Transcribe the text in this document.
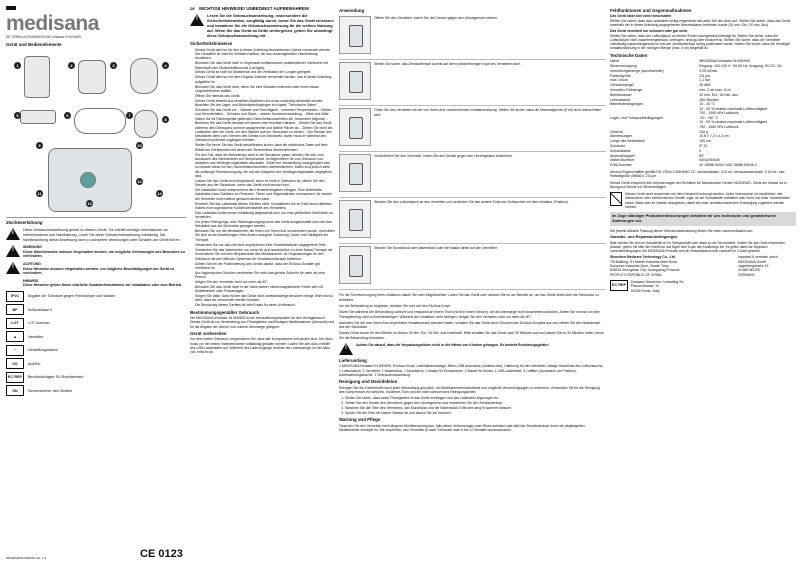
medisana
DE GEBRAUCHSANWEISUNG Inhalator IN 600/605
Gerät und Bedienelemente
1	2	3	4
5	6	7
8
9	10
11
12
13
14
Zeichenerklärung
i	Diese Gebrauchsanweisung gehört zu diesem Gerät. Sie enthält wichtige Informationen zur Inbetriebnahme und Handhabung. Lesen Sie diese Gebrauchsanweisung vollständig. Die Nichtbeachtung dieser Anweisung kann zu schweren Verletzungen oder Schäden am Gerät führen.
!	WARNUNG
Diese Warnhinweise müssen eingehalten werden, um mögliche Verletzungen des Benutzers zu verhindern.
!	ACHTUNG
Diese Hinweise müssen eingehalten werden, um mögliche Beschädigungen am Gerät zu verhindern.
HINWEIS
Diese Hinweise geben Ihnen nützliche Zusatzinformationen zur Installation oder zum Betrieb.
IP21	Angabe der Schutzart gegen Fremdkörper und Wasser
BF	Schutzklasse II
LOT	LOT-Nummer
▲	Hersteller
~	Herstellungsdatum
I/O	Aus/Ein
EC REP	Bevollmächtigter EU-Repräsentant
SN	Seriennummer des Gerätes
CE 0123
54042/54046 09/2019 Ver. 1.3
DE WICHTIGE HINWEISE! UNBEDINGT AUFBEWAHREN!
!
Lesen Sie die Gebrauchsanweisung, insbesondere die Sicherheitshinweise, sorgfältig durch, bevor Sie das Gerät einsetzen und bewahren Sie die Gebrauchsanweisung für die weitere Nutzung auf. Wenn Sie das Gerät an Dritte weitergeben, geben Sie unbedingt diese Gebrauchsanweisung mit.
Sicherheitshinweise
• Dieses Gerät darf nur für den in dieser Anleitung beschriebenen Zweck verwendet werden. Der Hersteller ist nicht für Schäden haftbar, die aus unsachgemäßer Handhabung resultieren.
• Benutzen Sie das Gerät nicht in Gegenwart entflammbarer anästhetischer Gemische mit Sauerstoff oder Distickstoffmonoxid (Lachgas).
• Dieses Gerät ist nicht für Anästhesie und die Ventilation der Lungen geeignet.
• Dieses Gerät darf nur mit dem Original-Zubehör verwendet werden, das in dieser Anleitung aufgeführt ist.
• Benutzen Sie das Gerät nicht, wenn Sie eine Schaden erkennen oder Ihnen etwas Ungewöhnliches auffällt.
• Öffnen Sie niemals das Gerät.
• Dieses Gerät besteht aus sensiblen Bauteilen und muss vorsichtig behandelt werden. Beachten Sie die Lager- und Betriebsbedingungen im Kapitel "Technische Daten".
• Schützen Sie das Gerät vor: - Wasser und Feuchtigkeit, - extremen Temperaturen - Stößen und Herunterfallen, - Schmutz und Staub, - starker Sonneneinstrahlung, - Hitze und Kälte
• Halten Sie für Elektrogeräte geltenden Sicherheitsvorschriften ein, besonders folgende: - Berühren Sie das Gerät niemals mit nassen oder feuchten Händen. - Setzen Sie das Gerät während des Gebrauchs auf eine waagerechte und stabile Fläche ab. - Ziehen Sie nicht am Ladekabel oder am Gerät, um den Stecker aus der Steckdose zu ziehen. - Der Stecker des Netzkabels dient zum Trennen des Geräts vom Stromnetz, daher muss er während des Gebrauchs jederzeit zugänglich bleiben.
• Stellen Sie bevor Sie das Gerät anschliessen sicher, dass die elektrische Daten auf dem Etikett am Gerätekoben mit denen der Stromnetzes übereinstimmen.
• Für den Fall, dass der Netzstecker nicht in die Steckdose passt, wenden Sie sich zum Austausch des Netzsteckers an Fachpersonal. Im Allgemeinen ist vom Gebrauch von Adaptern und Verlängerungskabeln abzuraten. Sollte ihre Verwendung unumgänglich sein, so müssen diese mit den Sicherheitsvorschriften übereinstimmen. Dabei sind jedoch stets die zulässige Stromversorgung, die auf den Adaptern und Verlängerungskabeln angegeben sind.
• Lassen Sie das Gerät nicht eingesteckt, wenn es nicht in Gebrauch ist; ziehen Sie den Stecker aus der Steckdose, wenn das Gerät nicht benutzt wird.
• Die Installation muss entsprechend den Herstellerangaben erfolgen. Eine fehlerhafte Installation kann Schäden an Personen, Tieren und Gegenständen verursachen, für welche der Hersteller nicht haftbar gemacht werden kann.
• Ersetzen Sie das Ladekabel dieses Gerätes nicht. Kontaktieren Sie im Falle eines defekten Kabels eine zugelassene Kundendienststelle des Herstellers.
• Das Ladekabel sollte immer vollständig abgewickelt sein, um eine gefährliche Überhitzen zu vermeiden.
• Vor jedem Reinigungs- oder Wartungsvorgang muss das Gerät ausgeschaltet sein und das Netzkabel aus der Steckdose gezogen werden.
• Benutzen Sie nur die Medikamente, die Ihnen von Ihrem Arzt verschrieben wurde, und halten Sie sich an die Anweisungen Ihres Arztes bezüglich Dosierung, Dauer und Häufigkeit der Therapie.
• Verwenden Sie nur das vom Arzt empfohlenen Ihrer Krankheitsbilder angegebene Teile.
• Verwenden Sie das Nasenstück nur, wenn Ihr Arzt ausdrücklich zu einer Nasal-Therapie rät.
• Kontrollieren Sie auf dem Beipackzettel des Medikaments, ob Gegenanzeigen für den Gebrauch mit den üblichen Systemen für Inhalationstherapie bestehen.
• Achten Sie bei der Positionierung des Geräts darauf, dass der Ein/Aus-Schalter gut erreichbar ist.
• Aus hygienischen Gründen verwenden Sie nicht das gleiche Zubehör für mehr als eine Person.
• Neigen Sie den Vernebler nicht um mehr als 60°.
• Benutzen Sie das Gerät nicht in der Nähe starker elektromagnetischer Felder wie z.B. Mobiltelefone oder Funkanlagen.
• Sorgen Sie dafür, dass Kinder das Gerät nicht unbeaufsichtigt benutzen; einige Teile sind so klein, dass sie verschluckt werden könnten.
• Die Benutzung dieses Gerätes ist kein Ersatz für einen Arztbesuch.
Bestimmungsgemäßer Gebrauch
Die MEDISANA Inhalator IN 600/605 ist ein Aerosoltherapiesystem für den Heimgebrauch. Dieses Gerät ist zur Vernebelung von Flüssigkeiten und flüssigen Medikamenten (Aerosole) und für die Abgabe der oberen und unteren Atemwege geeignet.
Gerät vorbereiten
Vor dem ersten Gebrauch vergewissern Sie, dass alle Komponenten vorhanden sind. Der Akku muss vor der ersten Inbetriebnahme vollständig geladen werden. Laden Sie den Akku mithilfe des USB-Ladekabels auf. Während des Ladevorgangs leuchtet die Ladeanzeige; ist der Akku voll, erlischt sie.
Anwendung
Öffnen Sie den Vernebler, indem Sie den Deckel gegen den Uhrzeigersinn drehen.
Stellen Sie sicher, das Zerstäuberkopf korrekt auf dem zylinderförmigen Kopf des Verneblers sitzt.
Füllen Sie den Vernebler mit der von Ihrem Arzt verschriebenen Inhalationslösung. Stellen Sie sicher, dass die Maximalgrenze (8 ml) nicht überschritten wird.
Verschließen Sie den Vernebler, indem Sie den Deckel gegen den Uhrzeigersinn festdrehen.
Stecken Sie den Luftschlauch an den Vernebler und verbinden Sie das andere Ende des Schlauches mit dem Inhalator (Position).
Stecken Sie Mundstück oder Nasenstück oder die Maske direkt auf den Vernebler.
Für die Stromversorgung Ihres Inhalators haben Sie zwei Möglichkeiten: Laden Sie das Gerät oder stecken Sie es am Netzteil an, um das Gerät direkt über die Steckdose zu betreiben.
Um die Behandlung zu beginnen, drücken Sie kurz auf den Ein/Aus-Knopf.
Sitzen Sie während der Behandlung aufrecht und entspannt an einem Tisch (nicht in einem Sessel), um die Atemwege nicht zusammenzudrücken. Atmen Sie normal, um den Therapieerfolg nicht zu beeinträchtigen. Während der Inhalation nicht hinlegen. Neigen Sie den Vernebler nicht um mehr als 60°.
Nachdem Sie die vom Ihrem Arzt empfohlene Inhalationszeit beendet haben, schalten Sie das Gerät durch Drücken des Ein/Aus-Knopfes aus und ziehen Sie den Netzstecker aus der Steckdose.
Dieses Gerät wurde für den Betrieb im Modus 30 Min. Ein / 30 Min. Aus entwickelt. Bitte schalten Sie das Gerät nach 30 Minuten aus und lassen Sie es 30 Minuten ruhen, bevor Sie die Behandlung fortsetzen.
!	Achten Sie darauf, dass die Verpackungsfolien nicht in die Hände von Kindern gelangen. Es besteht Erstickungsgefahr!
Lieferumfang
1 MEDISANA Inhalator IN 600/605, Ein/Aus-Knopf, Ladestandsanzeige, Mikro-USB-Anschluss (Ladebuchse), Halterung für den Vernebler, Ablage Anschluss des Luftschlauchs, 1 Luftschlauch, 1 Vernebler, 1 Nasenstück, 1 Mundstück, 1 Maske für Erwachsene, 1 Maske für Kinder, 1 USB-Ladekabel, 5 Luftfilter (Austausch am Position), Aufbewahrungstasche, 1 Gebrauchsanweisung.
Reinigung und Desinfektion
Reinigen Sie die Zubehörteile nach jeder Behandlung gründlich, um Medikamentenrückstände und mögliche Verunreinigungen zu entfernen. Verwenden Sie für die Reinigung des Kompressors ein weiches, trockenes Tuch und ein nicht scheuerndes Reinigungsmittel.
1. Stellen Sie sicher, dass keine Flüssigkeiten in das Gerät eindringen und das Ladekabel abgezogen ist.
2. Ziehen Sie den Deckel des Verneblers gegen den Uhrzeigersinn und entnehmen Sie den Zerstäuberkopf.
3. Waschen Sie alle Teile des Verneblers, das Mundstück und die Nasenstück 5 Minuten lang in warmem Wasser.
4. Spülen Sie die Teile mit klarem Wasser ab und lassen Sie sie trocknen.
Wartung und Pflege
Tauschen Sie den Vernebler nach längerer Nichtbenutzung aus, falls dieser Verformungen oder Risse aufweist oder falls der Zerstäuberkopf durch die abgelagerten Medikamente verstopft ist. Wir empfehlen, den Vernebler je nach Gebrauch nach 6 bis 12 Monaten auszutauschen.
Fehlfunktionen und Gegenmaßnahmen
Das Gerät lässt sich nicht einschalten
Stellen Sie sicher, dass das Ladekabel richtig eingesteckt ist/Laden Sie den Akku auf. Stellen Sie sicher, dass das Gerät innerhalb der in dieser Anleitung angegebenen Betriebsdauer betrieben wurde (30 min. Ein / 30 min. Aus).
Das Gerät vernebelt nur schwach oder gar nicht
Stellen Sie sicher, dass der Luftschlauch an beiden Enden sachgemäss befestigt ist. Stellen Sie sicher, dass der Luftschlauch nicht zusammengedrückt, verbogen, dreckig oder blockiert ist. Stellen Sie sicher, dass der Vernebler vollständig zusammengesetzt ist und der Zerstäuberkopf richtig positioniert wurde. Stellen Sie sicher, dass die benötigte Inhalationslösung in der richtigen Menge (max. 8 ml) eingefüllt ist.
Technische Daten
Name	MEDISANA Inhalator IN 600/605
Stromversorgung	Eingang: 100-240 V~ 50-60 Hz, Ausgang: 5V DC, 2A
Verneblungsmenge (durchschnittl.)	0,25 ml/min.
Partikelgröße	2,8 µm
max. Druck	1,1 bar
Geräuschpegel	45 dBA
Vernebler Füllmenge	min. 2 ml; max. 8 ml
Betriebsdauer	30 min. Ein / 30 min. Aus
Lebensdauer	400 Stunden
Betriebsbedingungen	10 - 40 °C
10 - 90 % relative maximale Luftfeuchtigkeit
700 - 1060 hPa Luftdruck
Lager- und Transportbedingungen	-20 - +60 °C
10 - 95 % relative maximale Luftfeuchtigkeit
700 - 1060 hPa Luftdruck
Gewicht	240 g
Abmessungen	10,8 x 7,2 x 4,4 cm
Länge des Netzkabels	150 cm
Schutzart	IP 21
Schutzklasse	II
Anwendungsteil	BF
Artikel-Nummer	54042/54046
EAN-Nummer	40 15588 54042 9/40 15588 54046 3
Aerosol-Eigenschaften gemäß EN 13544-1 ANHANG CC; Aerosolabsatz: 0,51 ml; Aerosolausstoßrate: 0,16 ml / min.; Partikelgröße (MMAD): 2,8 µm
Dieses Gerät entspricht den Anforderungen der Richtlinie für Medizinische Geräte 93/42/EWG. Gerät der Klasse IIa in Bezug auf Schutz vor Stromschlägen.
Dieses Gerät nicht zusammen mit dem Hausmüll entsorgt werden. Jeder Verbraucher ist verpflichtet, alle elektrischen oder elektronischen Geräte, egal, ob sie Schadstoffe enthalten oder nicht, bei einer Sammelstelle seiner Stadt oder im Handel abzugeben, damit sie einer umweltschonenden Entsorgung zugeführt werden können.
Im Zuge ständiger Produktverbesserungen behalten wir uns technische und gestalterische Änderungen vor.
Die jeweils aktuelle Fassung dieser Gebrauchsanweisung finden Sie unter www.medisana.com
Garantie- und Reparaturbedingungen
Bitte wenden Sie sich im Garantiefall an Ihr Fachgeschäft oder direkt an die Servicestelle. Sollten Sie das Gerät einschicken müssen, geben Sie bitte den Defekt an und fügen eine Kopie des Kaufbelegs bei. Es gelten dabei die folgenden Garantiebedingungen: Auf MEDISANA Produkte wird ab Verkaufsdatum eine Garantie für 3 Jahre gewährt.
Shenzhen Medicare Technology Co., Ltd
7th Building, JH Mobile Industrial Main Road,
European Industrial Zone, Xiaolin Town
528415 Zhongshan City, Guangdong Province
PEOPLE'S REPUBLIC OF CHINA
imported & verteilen durch
MEDISANA GmbH
Jagenbergstraße 19
41468 NEUSS
GERMANY
EC REP
Donawa Lifescience Consulting Srl
Piazza Albania, 10
00153 Rome / Italy
